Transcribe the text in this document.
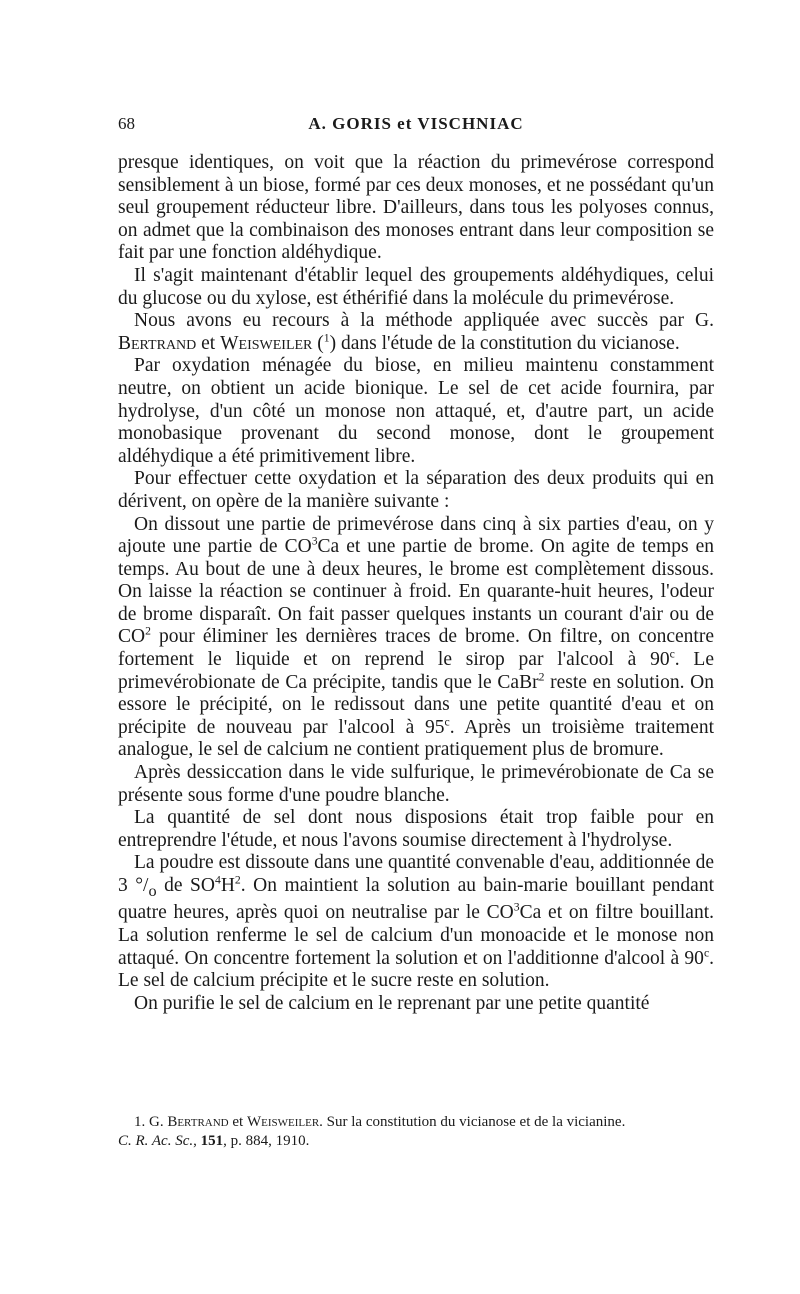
68	A. GORIS et VISCHNIAC

presque identiques, on voit que la réaction du primevérose correspond sensiblement à un biose, formé par ces deux monoses, et ne possédant qu'un seul groupement réducteur libre. D'ailleurs, dans tous les polyoses connus, on admet que la combinaison des monoses entrant dans leur composition se fait par une fonction aldéhydique.

Il s'agit maintenant d'établir lequel des groupements aldéhydiques, celui du glucose ou du xylose, est éthérifié dans la molécule du primevérose.

Nous avons eu recours à la méthode appliquée avec succès par G. Bertrand et Weisweiler ($^1$) dans l'étude de la constitution du vicianose.

Par oxydation ménagée du biose, en milieu maintenu constamment neutre, on obtient un acide bionique. Le sel de cet acide fournira, par hydrolyse, d'un côté un monose non attaqué, et, d'autre part, un acide monobasique provenant du second monose, dont le groupement aldéhydique a été primitivement libre.

Pour effectuer cette oxydation et la séparation des deux produits qui en dérivent, on opère de la manière suivante :

On dissout une partie de primevérose dans cinq à six parties d'eau, on y ajoute une partie de $CO^3Ca$ et une partie de brome. On agite de temps en temps. Au bout de une à deux heures, le brome est complètement dissous. On laisse la réaction se continuer à froid. En quarante-huit heures, l'odeur de brome disparaît. On fait passer quelques instants un courant d'air ou de $CO^2$ pour éliminer les dernières traces de brome. On filtre, on concentre fortement le liquide et on reprend le sirop par l'alcool à 90$^c$. Le primevérobionate de Ca précipite, tandis que le CaBr$^2$ reste en solution. On essore le précipité, on le redissout dans une petite quantité d'eau et on précipite de nouveau par l'alcool à 95$^c$. Après un troisième traitement analogue, le sel de calcium ne contient pratiquement plus de bromure.

Après dessiccation dans le vide sulfurique, le primevérobionate de Ca se présente sous forme d'une poudre blanche.

La quantité de sel dont nous disposions était trop faible pour en entreprendre l'étude, et nous l'avons soumise directement à l'hydrolyse.

La poudre est dissoute dans une quantité convenable d'eau, additionnée de 3 $^\circ/_o$ de $SO^4H^2$. On maintient la solution au bain-marie bouillant pendant quatre heures, après quoi on neutralise par le $CO^3Ca$ et on filtre bouillant. La solution renferme le sel de calcium d'un monoacide et le monose non attaqué. On concentre fortement la solution et on l'additionne d'alcool à 90$^c$. Le sel de calcium précipite et le sucre reste en solution.

On purifie le sel de calcium en le reprenant par une petite quantité

1. G. Bertrand et Weisweiler. Sur la constitution du vicianose et de la vicianine.
C. R. Ac. Sc., 151, p. 884, 1910.
